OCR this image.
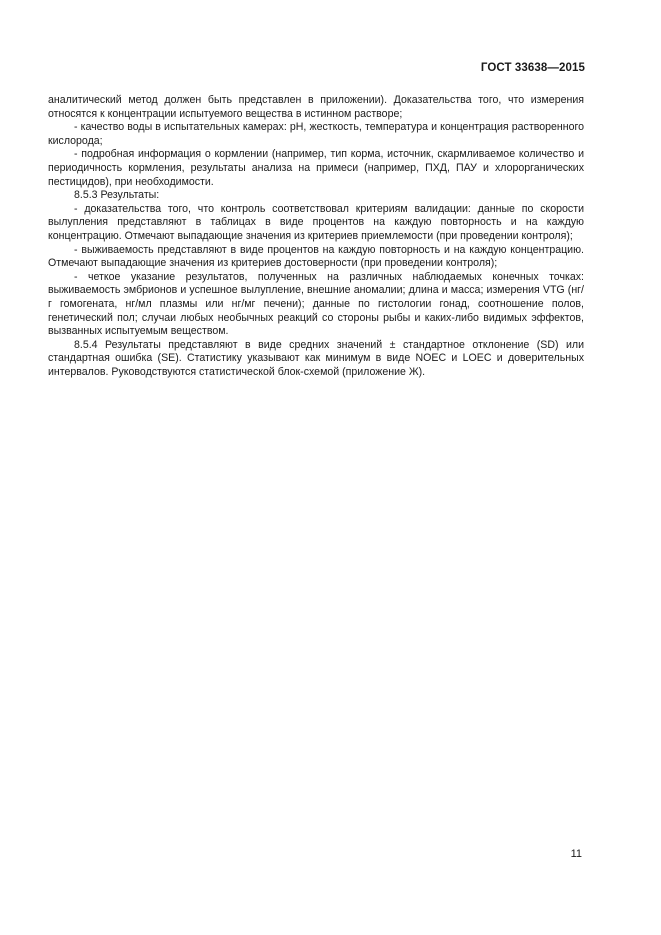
ГОСТ 33638—2015

аналитический метод должен быть представлен в приложении). Доказательства того, что измерения относятся к концентрации испытуемого вещества в истинном растворе;

- качество воды в испытательных камерах: pH, жесткость, температура и концентрация растворенного кислорода;

- подробная информация о кормлении (например, тип корма, источник, скармливаемое количество и периодичность кормления, результаты анализа на примеси (например, ПХД, ПАУ и хлорорганических пестицидов), при необходимости.

8.5.3 Результаты:

- доказательства того, что контроль соответствовал критериям валидации: данные по скорости вылупления представляют в таблицах в виде процентов на каждую повторность и на каждую концентрацию. Отмечают выпадающие значения из критериев приемлемости (при проведении контроля);

- выживаемость представляют в виде процентов на каждую повторность и на каждую концентрацию. Отмечают выпадающие значения из критериев достоверности (при проведении контроля);

- четкое указание результатов, полученных на различных наблюдаемых конечных точках: выживаемость эмбрионов и успешное вылупление, внешние аномалии; длина и масса; измерения VTG (нг/г гомогената, нг/мл плазмы или нг/мг печени); данные по гистологии гонад, соотношение полов, генетический пол; случаи любых необычных реакций со стороны рыбы и каких-либо видимых эффектов, вызванных испытуемым веществом.

8.5.4 Результаты представляют в виде средних значений ± стандартное отклонение (SD) или стандартная ошибка (SE). Статистику указывают как минимум в виде NOEC и LOEC и доверительных интервалов. Руководствуются статистической блок-схемой (приложение Ж).

11
